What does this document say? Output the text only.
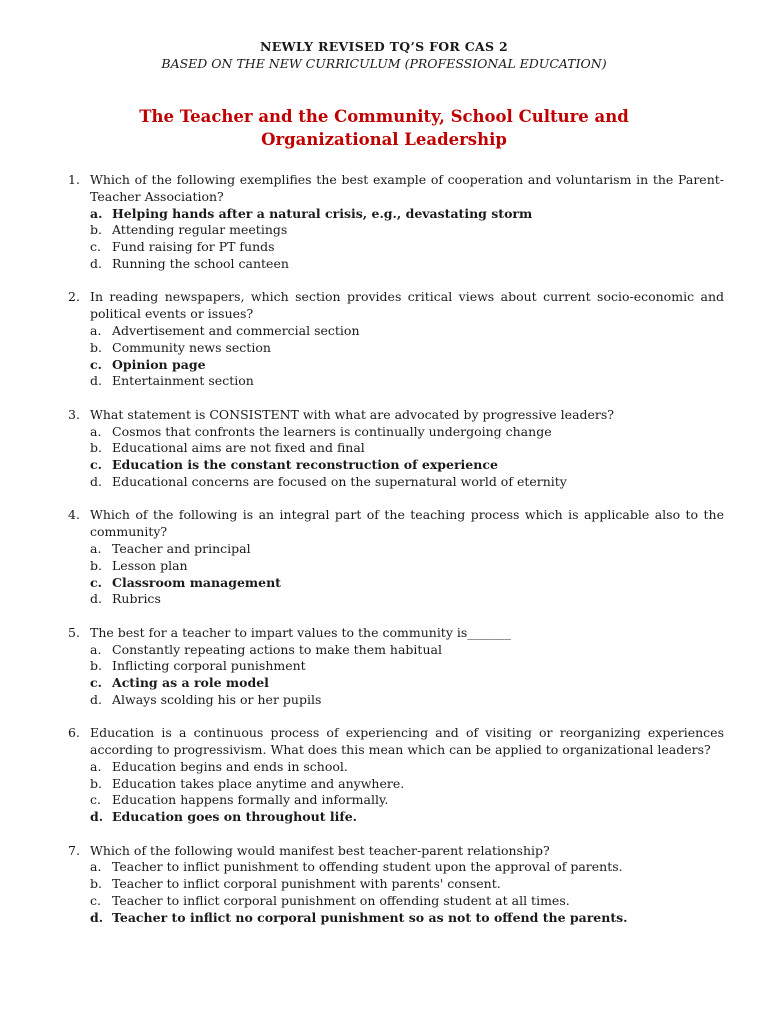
NEWLY REVISED TQ’S FOR CAS 2
BASED ON THE NEW CURRICULUM (PROFESSIONAL EDUCATION)
The Teacher and the Community, School Culture and
Organizational Leadership
1. Which of the following exemplifies the best example of cooperation and voluntarism in the Parent-Teacher Association?
a. Helping hands after a natural crisis, e.g., devastating storm
b. Attending regular meetings
c. Fund raising for PT funds
d. Running the school canteen
2. In reading newspapers, which section provides critical views about current socio-economic and political events or issues?
a. Advertisement and commercial section
b. Community news section
c. Opinion page
d. Entertainment section
3. What statement is CONSISTENT with what are advocated by progressive leaders?
a. Cosmos that confronts the learners is continually undergoing change
b. Educational aims are not fixed and final
c. Education is the constant reconstruction of experience
d. Educational concerns are focused on the supernatural world of eternity
4. Which of the following is an integral part of the teaching process which is applicable also to the community?
a. Teacher and principal
b. Lesson plan
c. Classroom management
d. Rubrics
5. The best for a teacher to impart values to the community is_______
a. Constantly repeating actions to make them habitual
b. Inflicting corporal punishment
c. Acting as a role model
d. Always scolding his or her pupils
6. Education is a continuous process of experiencing and of visiting or reorganizing experiences according to progressivism. What does this mean which can be applied to organizational leaders?
a. Education begins and ends in school.
b. Education takes place anytime and anywhere.
c. Education happens formally and informally.
d. Education goes on throughout life.
7. Which of the following would manifest best teacher-parent relationship?
a. Teacher to inflict punishment to offending student upon the approval of parents.
b. Teacher to inflict corporal punishment with parents' consent.
c. Teacher to inflict corporal punishment on offending student at all times.
d. Teacher to inflict no corporal punishment so as not to offend the parents.
